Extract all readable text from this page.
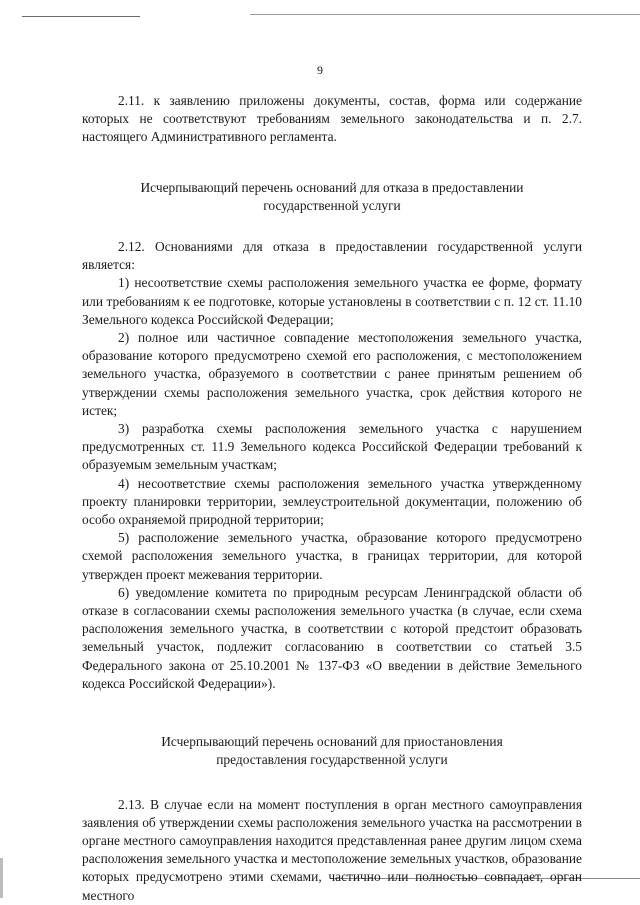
9

2.11. к заявлению приложены документы, состав, форма или содержание которых не соответствуют требованиям земельного законодательства и п. 2.7. настоящего Административного регламента.

Исчерпывающий перечень оснований для отказа в предоставлении
государственной услуги

2.12. Основаниями для отказа в предоставлении государственной услуги является:

1) несоответствие схемы расположения земельного участка ее форме, формату или требованиям к ее подготовке, которые установлены в соответствии с п. 12 ст. 11.10 Земельного кодекса Российской Федерации;

2) полное или частичное совпадение местоположения земельного участка, образование которого предусмотрено схемой его расположения, с местоположением земельного участка, образуемого в соответствии с ранее принятым решением об утверждении схемы расположения земельного участка, срок действия которого не истек;

3) разработка схемы расположения земельного участка с нарушением предусмотренных ст. 11.9 Земельного кодекса Российской Федерации требований к образуемым земельным участкам;

4) несоответствие схемы расположения земельного участка утвержденному проекту планировки территории, землеустроительной документации, положению об особо охраняемой природной территории;

5) расположение земельного участка, образование которого предусмотрено схемой расположения земельного участка, в границах территории, для которой утвержден проект межевания территории.

6) уведомление комитета по природным ресурсам Ленинградской области об отказе в согласовании схемы расположения земельного участка (в случае, если схема расположения земельного участка, в соответствии с которой предстоит образовать земельный участок, подлежит согласованию в соответствии со статьей 3.5 Федерального закона от 25.10.2001 № 137-ФЗ «О введении в действие Земельного кодекса Российской Федерации»).

Исчерпывающий перечень оснований для приостановления
предоставления государственной услуги

2.13. В случае если на момент поступления в орган местного самоуправления заявления об утверждении схемы расположения земельного участка на рассмотрении в органе местного самоуправления находится представленная ранее другим лицом схема расположения земельного участка и местоположение земельных участков, образование которых предусмотрено этими схемами, частично или полностью совпадает, орган местного
